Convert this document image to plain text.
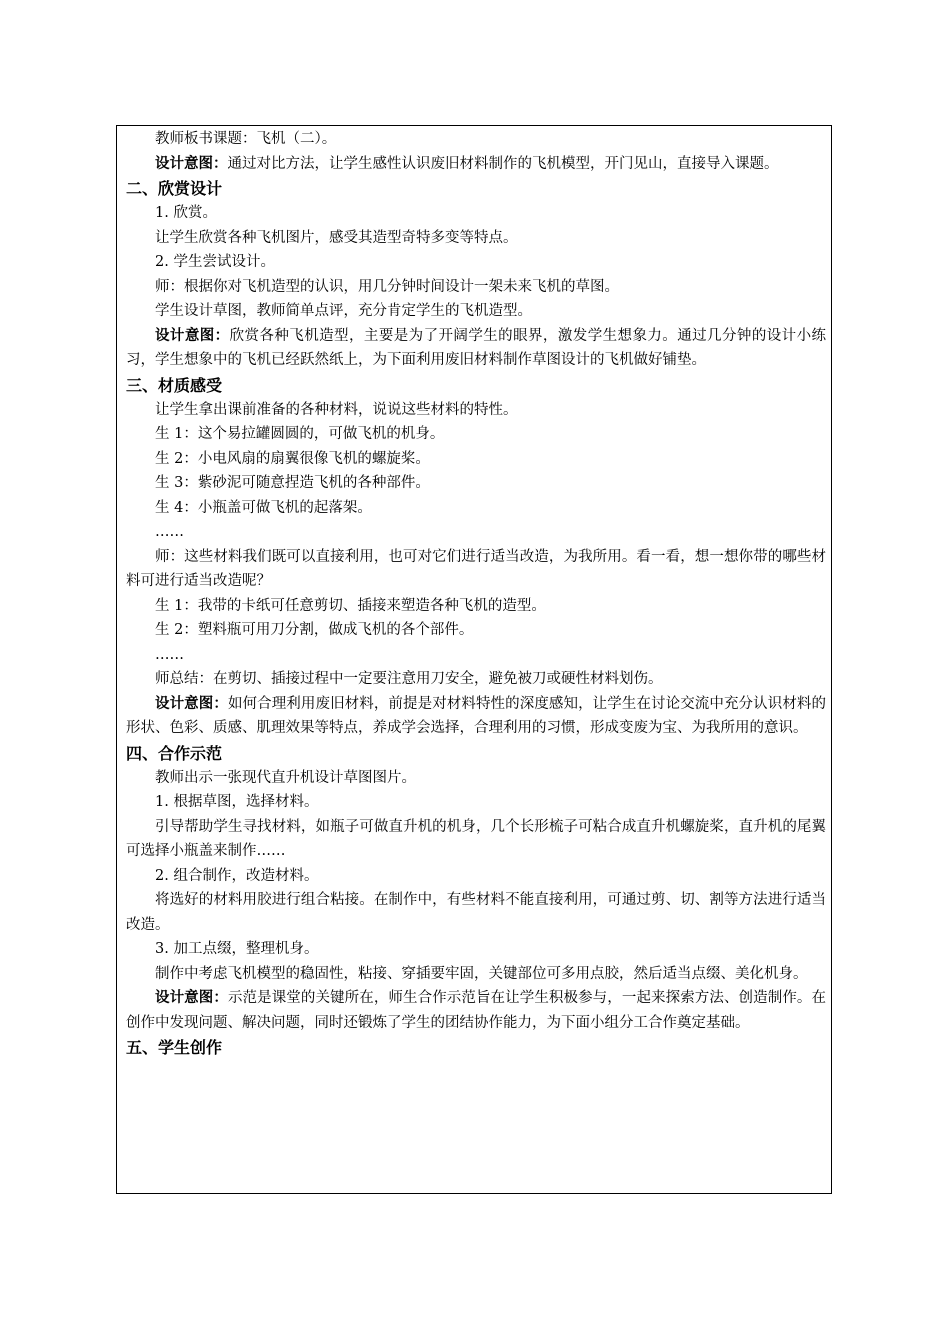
教师板书课题：飞机（二）。

设计意图：通过对比方法，让学生感性认识废旧材料制作的飞机模型，开门见山，直接导入课题。

二、欣赏设计

1. 欣赏。

让学生欣赏各种飞机图片，感受其造型奇特多变等特点。

2. 学生尝试设计。

师：根据你对飞机造型的认识，用几分钟时间设计一架未来飞机的草图。

学生设计草图，教师简单点评，充分肯定学生的飞机造型。

设计意图：欣赏各种飞机造型，主要是为了开阔学生的眼界，激发学生想象力。通过几分钟的设计小练习，学生想象中的飞机已经跃然纸上，为下面利用废旧材料制作草图设计的飞机做好铺垫。

三、材质感受

让学生拿出课前准备的各种材料，说说这些材料的特性。

生 1：这个易拉罐圆圆的，可做飞机的机身。

生 2：小电风扇的扇翼很像飞机的螺旋桨。

生 3：紫砂泥可随意捏造飞机的各种部件。

生 4：小瓶盖可做飞机的起落架。

……

师：这些材料我们既可以直接利用，也可对它们进行适当改造，为我所用。看一看，想一想你带的哪些材料可进行适当改造呢？

生 1：我带的卡纸可任意剪切、插接来塑造各种飞机的造型。

生 2：塑料瓶可用刀分割，做成飞机的各个部件。

……

师总结：在剪切、插接过程中一定要注意用刀安全，避免被刀或硬性材料划伤。

设计意图：如何合理利用废旧材料，前提是对材料特性的深度感知，让学生在讨论交流中充分认识材料的形状、色彩、质感、肌理效果等特点，养成学会选择，合理利用的习惯，形成变废为宝、为我所用的意识。

四、合作示范

教师出示一张现代直升机设计草图图片。

1. 根据草图，选择材料。

引导帮助学生寻找材料，如瓶子可做直升机的机身，几个长形梳子可粘合成直升机螺旋桨，直升机的尾翼可选择小瓶盖来制作……

2. 组合制作，改造材料。

将选好的材料用胶进行组合粘接。在制作中，有些材料不能直接利用，可通过剪、切、割等方法进行适当改造。

3. 加工点缀，整理机身。

制作中考虑飞机模型的稳固性，粘接、穿插要牢固，关键部位可多用点胶，然后适当点缀、美化机身。

设计意图：示范是课堂的关键所在，师生合作示范旨在让学生积极参与，一起来探索方法、创造制作。在创作中发现问题、解决问题，同时还锻炼了学生的团结协作能力，为下面小组分工合作奠定基础。

五、学生创作
